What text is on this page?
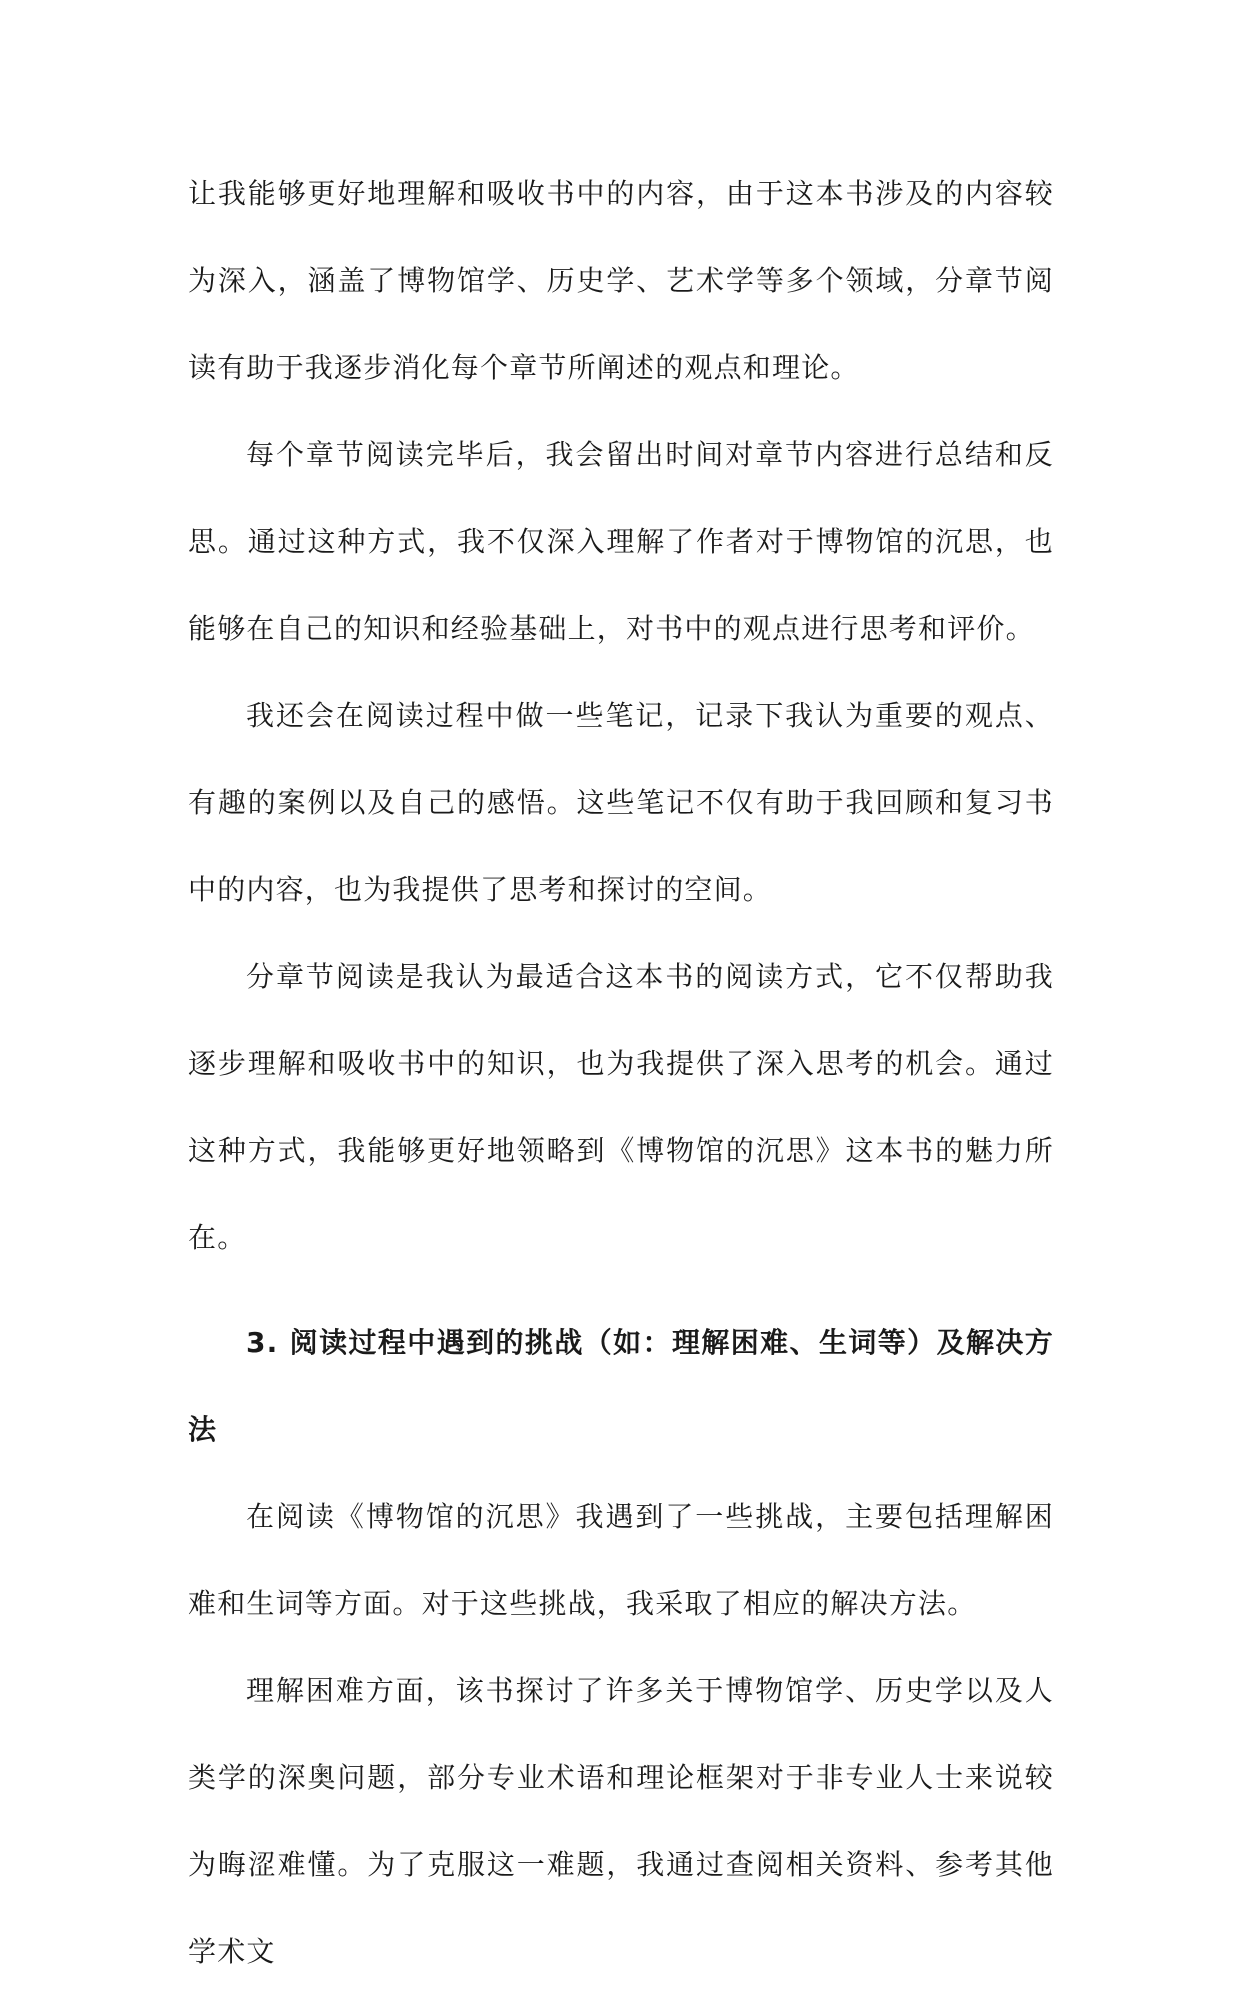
让我能够更好地理解和吸收书中的内容，由于这本书涉及的内容较为深入，涵盖了博物馆学、历史学、艺术学等多个领域，分章节阅读有助于我逐步消化每个章节所阐述的观点和理论。

每个章节阅读完毕后，我会留出时间对章节内容进行总结和反思。通过这种方式，我不仅深入理解了作者对于博物馆的沉思，也能够在自己的知识和经验基础上，对书中的观点进行思考和评价。

我还会在阅读过程中做一些笔记，记录下我认为重要的观点、有趣的案例以及自己的感悟。这些笔记不仅有助于我回顾和复习书中的内容，也为我提供了思考和探讨的空间。

分章节阅读是我认为最适合这本书的阅读方式，它不仅帮助我逐步理解和吸收书中的知识，也为我提供了深入思考的机会。通过这种方式，我能够更好地领略到《博物馆的沉思》这本书的魅力所在。

3. 阅读过程中遇到的挑战（如：理解困难、生词等）及解决方法

在阅读《博物馆的沉思》我遇到了一些挑战，主要包括理解困难和生词等方面。对于这些挑战，我采取了相应的解决方法。

理解困难方面，该书探讨了许多关于博物馆学、历史学以及人类学的深奥问题，部分专业术语和理论框架对于非专业人士来说较为晦涩难懂。为了克服这一难题，我通过查阅相关资料、参考其他学术文
